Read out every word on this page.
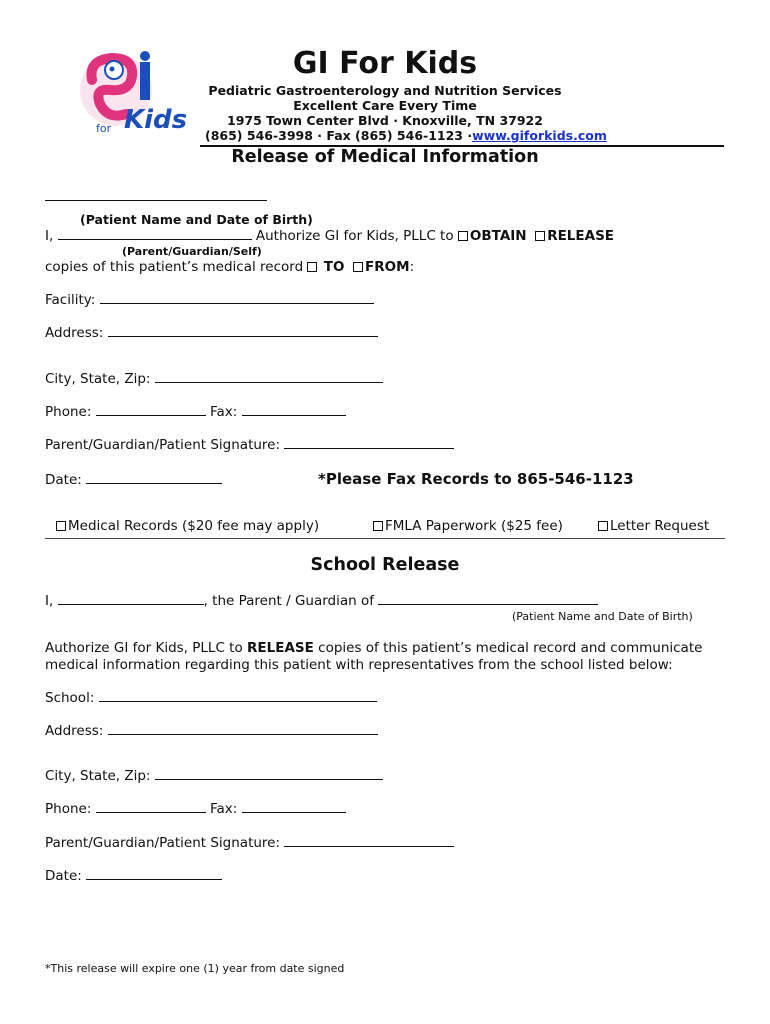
for Kids
GI For Kids
Pediatric Gastroenterology and Nutrition Services
Excellent Care Every Time
1975 Town Center Blvd · Knoxville, TN 37922
(865) 546-3998 · Fax (865) 546-1123 ·www.giforkids.com
Release of Medical Information
(Patient Name and Date of Birth)
I,	Authorize GI for Kids, PLLC to OBTAIN RELEASE
(Parent/Guardian/Self)
copies of this patient’s medical record TO FROM:
Facility:
Address:
City, State, Zip:
Phone:	Fax:
Parent/Guardian/Patient Signature:
Date:	*Please Fax Records to 865-546-1123
Medical Records ($20 fee may apply)	FMLA Paperwork ($25 fee)	Letter Request
School Release
I,	, the Parent / Guardian of
(Patient Name and Date of Birth)
Authorize GI for Kids, PLLC to RELEASE copies of this patient’s medical record and communicate
medical information regarding this patient with representatives from the school listed below:
School:
Address:
City, State, Zip:
Phone:	Fax:
Parent/Guardian/Patient Signature:
Date:
*This release will expire one (1) year from date signed
